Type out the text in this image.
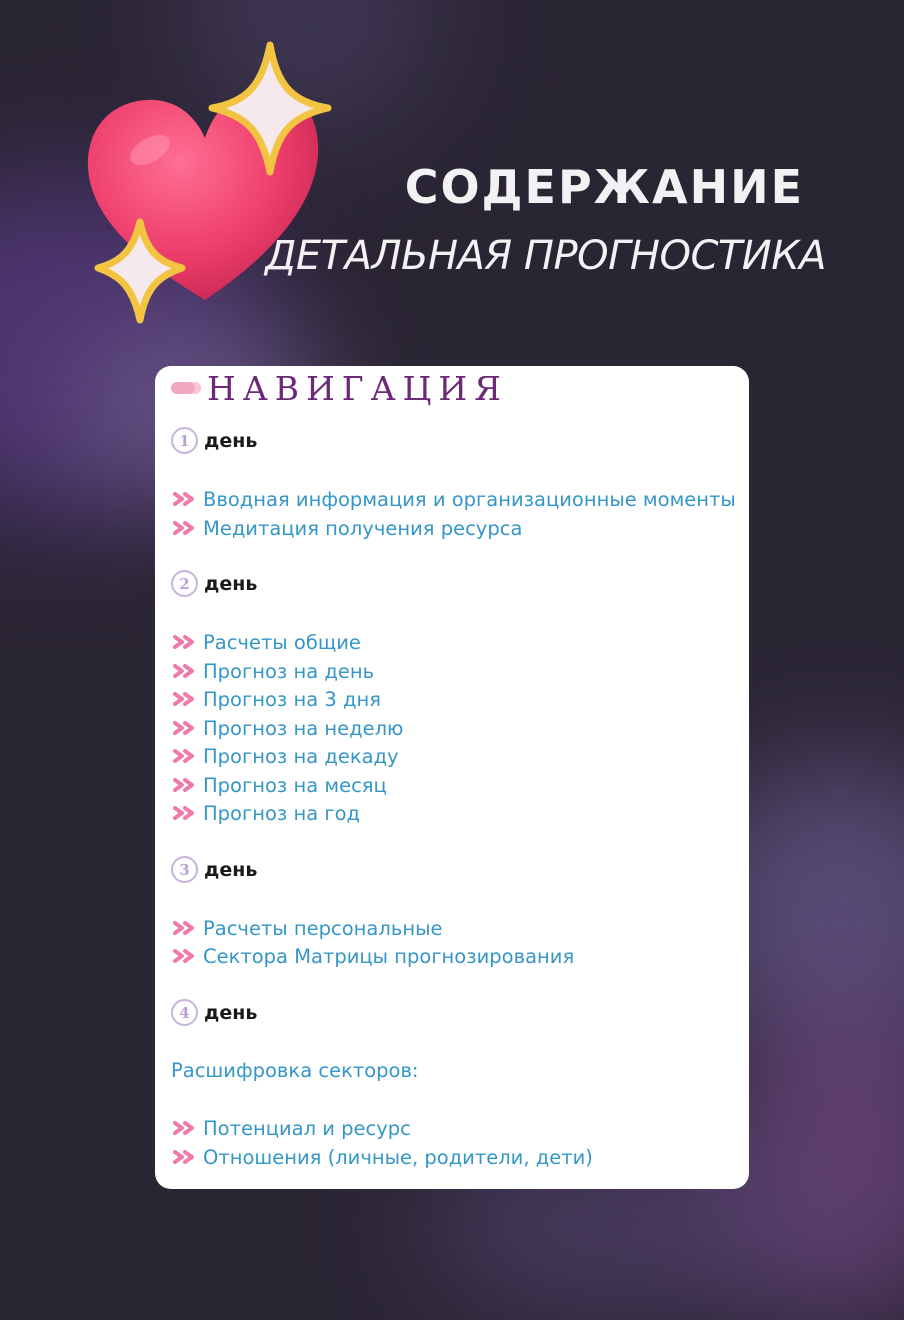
СОДЕРЖАНИЕ
ДЕТАЛЬНАЯ ПРОГНОСТИКА
НАВИГАЦИЯ
1 день
Вводная информация и организационные моменты
Медитация получения ресурса
2 день
Расчеты общие
Прогноз на день
Прогноз на 3 дня
Прогноз на неделю
Прогноз на декаду
Прогноз на месяц
Прогноз на год
3 день
Расчеты персональные
Сектора Матрицы прогнозирования
4 день
Расшифровка секторов:
Потенциал и ресурс
Отношения (личные, родители, дети)
